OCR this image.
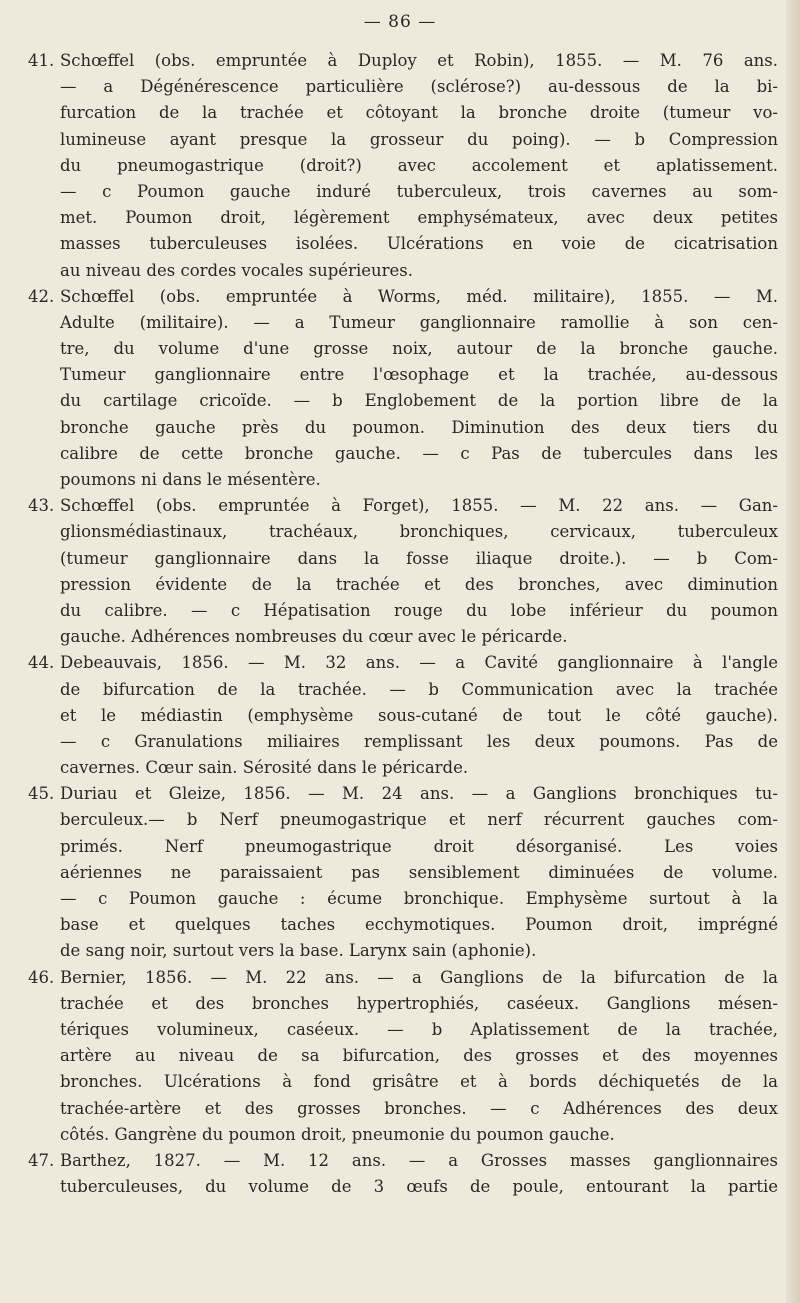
— 86 —
41. Schœffel (obs. empruntée à Duploy et Robin), 1855. — M. 76 ans.
— a Dégénérescence particulière (sclérose?) au-dessous de la bi-
furcation de la trachée et côtoyant la bronche droite (tumeur vo-
lumineuse ayant presque la grosseur du poing). — b Compression
du pneumogastrique (droit?) avec accolement et aplatissement.
— c Poumon gauche induré tuberculeux, trois cavernes au som-
met. Poumon droit, légèrement emphysémateux, avec deux petites
masses tuberculeuses isolées. Ulcérations en voie de cicatrisation
au niveau des cordes vocales supérieures.
42. Schœffel (obs. empruntée à Worms, méd. militaire), 1855. — M.
Adulte (militaire). — a Tumeur ganglionnaire ramollie à son cen-
tre, du volume d'une grosse noix, autour de la bronche gauche.
Tumeur ganglionnaire entre l'œsophage et la trachée, au-dessous
du cartilage cricoïde. — b Englobement de la portion libre de la
bronche gauche près du poumon. Diminution des deux tiers du
calibre de cette bronche gauche. — c Pas de tubercules dans les
poumons ni dans le mésentère.
43. Schœffel (obs. empruntée à Forget), 1855. — M. 22 ans. — Gan-
glionsmédiastinaux, trachéaux, bronchiques, cervicaux, tuberculeux
(tumeur ganglionnaire dans la fosse iliaque droite.). — b Com-
pression évidente de la trachée et des bronches, avec diminution
du calibre. — c Hépatisation rouge du lobe inférieur du poumon
gauche. Adhérences nombreuses du cœur avec le péricarde.
44. Debeauvais, 1856. — M. 32 ans. — a Cavité ganglionnaire à l'angle
de bifurcation de la trachée. — b Communication avec la trachée
et le médiastin (emphysème sous-cutané de tout le côté gauche).
— c Granulations miliaires remplissant les deux poumons. Pas de
cavernes. Cœur sain. Sérosité dans le péricarde.
45. Duriau et Gleize, 1856. — M. 24 ans. — a Ganglions bronchiques tu-
berculeux.— b Nerf pneumogastrique et nerf récurrent gauches com-
primés. Nerf pneumogastrique droit désorganisé. Les voies
aériennes ne paraissaient pas sensiblement diminuées de volume.
— c Poumon gauche : écume bronchique. Emphysème surtout à la
base et quelques taches ecchymotiques. Poumon droit, imprégné
de sang noir, surtout vers la base. Larynx sain (aphonie).
46. Bernier, 1856. — M. 22 ans. — a Ganglions de la bifurcation de la
trachée et des bronches hypertrophiés, caséeux. Ganglions mésen-
tériques volumineux, caséeux. — b Aplatissement de la trachée,
artère au niveau de sa bifurcation, des grosses et des moyennes
bronches. Ulcérations à fond grisâtre et à bords déchiquetés de la
trachée-artère et des grosses bronches. — c Adhérences des deux
côtés. Gangrène du poumon droit, pneumonie du poumon gauche.
47. Barthez, 1827. — M. 12 ans. — a Grosses masses ganglionnaires
tuberculeuses, du volume de 3 œufs de poule, entourant la partie
